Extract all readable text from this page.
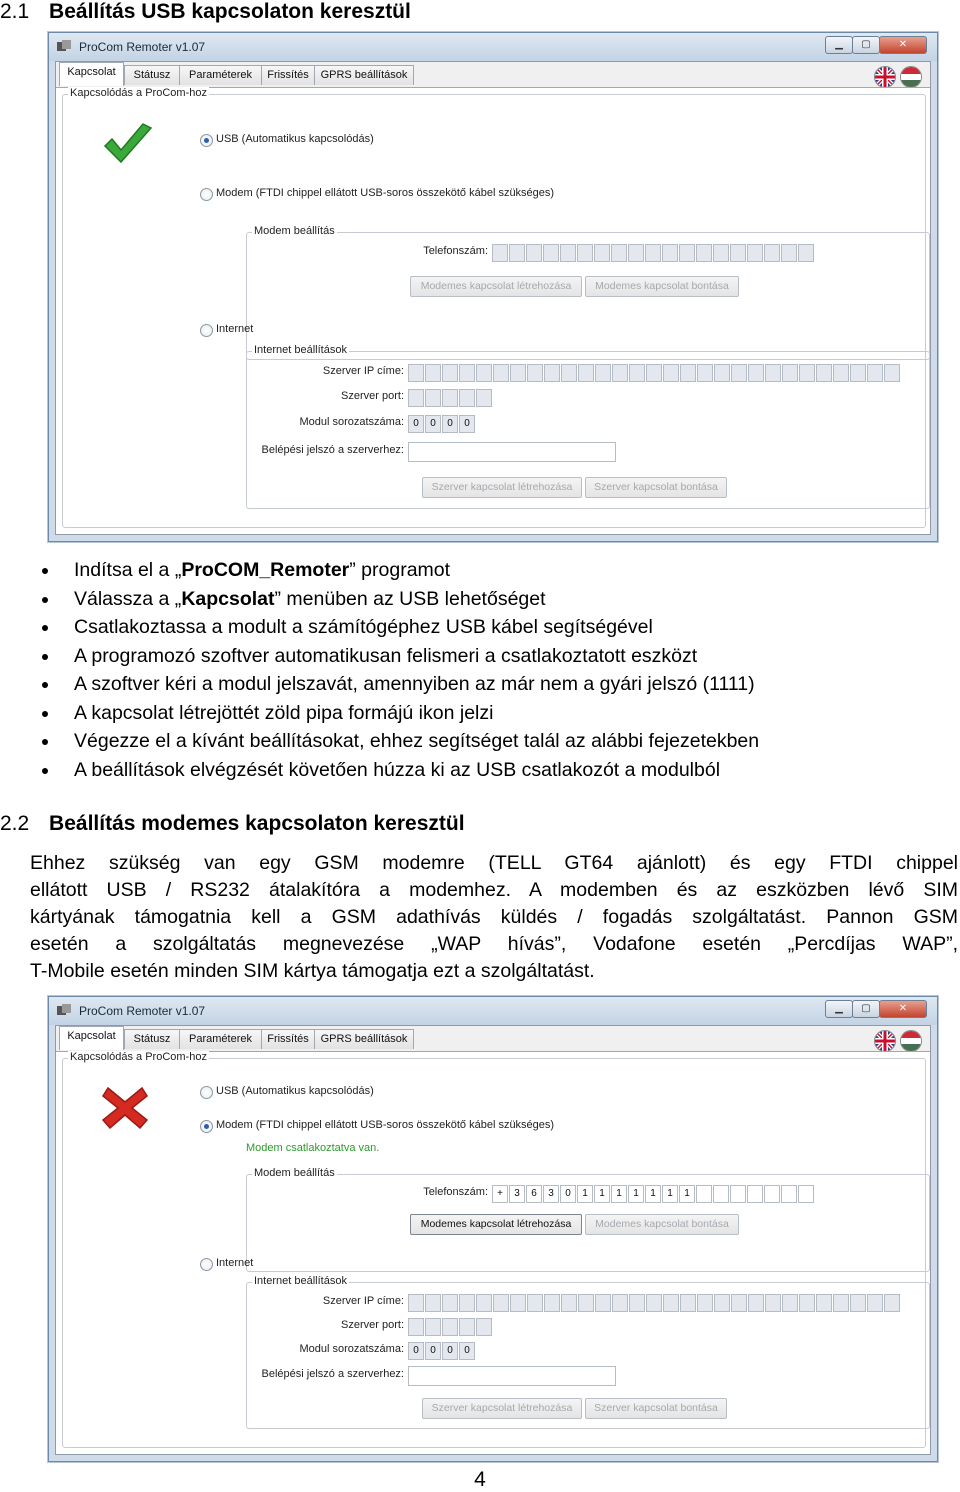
2.1 Beállítás USB kapcsolaton keresztül
ProCom Remoter v1.07	▁	▢	✕
Kapcsolat	Státusz	Paraméterek	Frissítés	GPRS beállítások
Kapcsolódás a ProCom-hoz
USB (Automatikus kapcsolódás)
Modem (FTDI chippel ellátott USB-soros összekötő kábel szükséges)
Modem beállítás
Telefonszám:
Modemes kapcsolat létrehozása	Modemes kapcsolat bontása
Internet
Internet beállítások
Szerver IP címe:
Szerver port:
Modul sorozatszáma: 0	0	0	0
Belépési jelszó a szerverhez:
Szerver kapcsolat létrehozása	Szerver kapcsolat bontása
Indítsa el a „ProCOM_Remoter” programot
Válassza a „Kapcsolat” menüben az USB lehetőséget
Csatlakoztassa a modult a számítógéphez USB kábel segítségével
A programozó szoftver automatikusan felismeri a csatlakoztatott eszközt
A szoftver kéri a modul jelszavát, amennyiben az már nem a gyári jelszó (1111)
A kapcsolat létrejöttét zöld pipa formájú ikon jelzi
Végezze el a kívánt beállításokat, ehhez segítséget talál az alábbi fejezetekben
A beállítások elvégzését követően húzza ki az USB csatlakozót a modulból
2.2 Beállítás modemes kapcsolaton keresztül
Ehhez szükség van egy GSM modemre (TELL GT64 ajánlott) és egy FTDI chippel
ellátott USB / RS232 átalakítóra a modemhez. A modemben és az eszközben lévő SIM
kártyának támogatnia kell a GSM adathívás küldés / fogadás szolgáltatást. Pannon GSM
esetén a szolgáltatás megnevezése „WAP hívás”, Vodafone esetén „Percdíjas WAP”,
T-Mobile esetén minden SIM kártya támogatja ezt a szolgáltatást.
ProCom Remoter v1.07	▁	▢	✕
Kapcsolat	Státusz	Paraméterek	Frissítés	GPRS beállítások
Kapcsolódás a ProCom-hoz
USB (Automatikus kapcsolódás)
Modem (FTDI chippel ellátott USB-soros összekötő kábel szükséges)
Modem csatlakoztatva van.
Modem beállítás
Telefonszám: +	3	6	3	0	1	1	1	1	1	1	1
Modemes kapcsolat létrehozása	Modemes kapcsolat bontása
Internet
Internet beállítások
Szerver IP címe:
Szerver port:
Modul sorozatszáma: 0	0	0	0
Belépési jelszó a szerverhez:
Szerver kapcsolat létrehozása	Szerver kapcsolat bontása
4
